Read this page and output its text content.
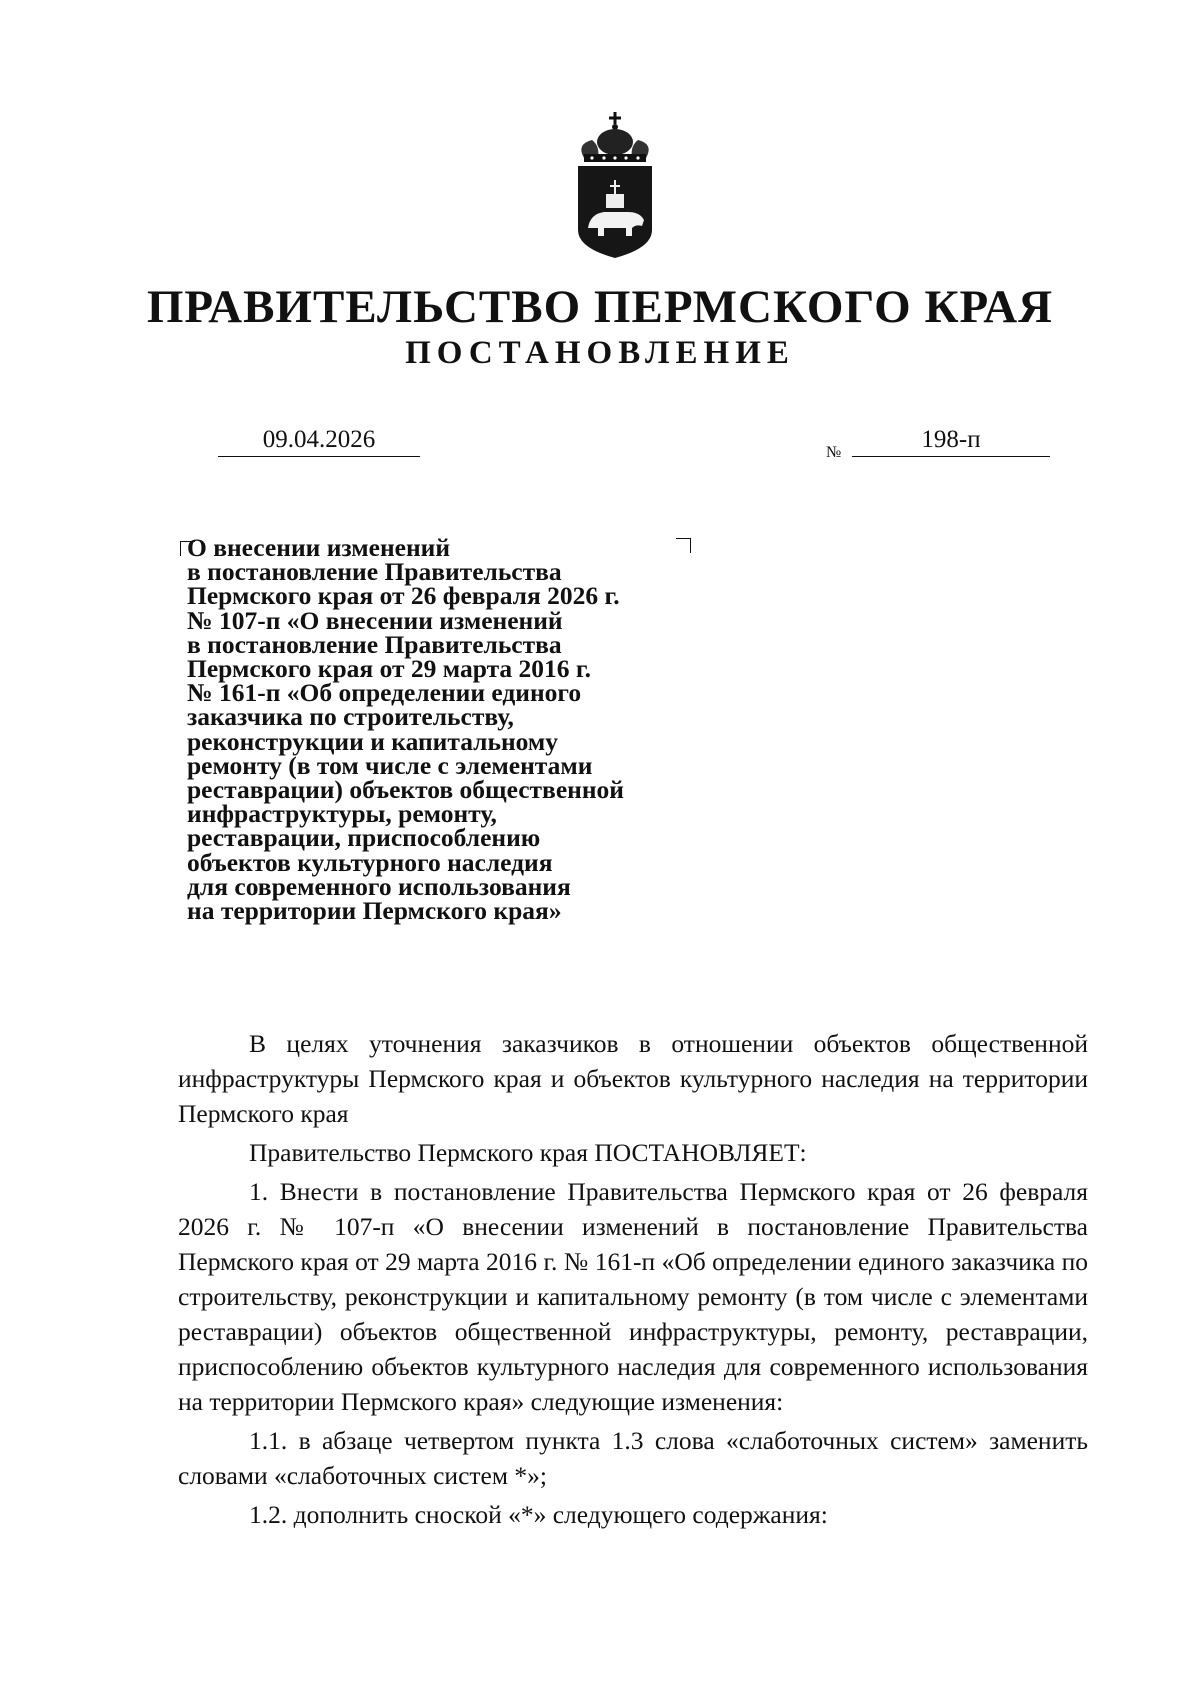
ПРАВИТЕЛЬСТВО ПЕРМСКОГО КРАЯ
ПОСТАНОВЛЕНИЕ
09.04.2026	№	198-п
О внесении изменений
в постановление Правительства
Пермского края от 26 февраля 2026 г.
№ 107-п «О внесении изменений
в постановление Правительства
Пермского края от 29 марта 2016 г.
№ 161-п «Об определении единого
заказчика по строительству,
реконструкции и капитальному
ремонту (в том числе с элементами
реставрации) объектов общественной
инфраструктуры, ремонту,
реставрации, приспособлению
объектов культурного наследия
для современного использования
на территории Пермского края»

В целях уточнения заказчиков в отношении объектов общественной инфраструктуры Пермского края и объектов культурного наследия на территории Пермского края

Правительство Пермского края ПОСТАНОВЛЯЕТ:

1. Внести в постановление Правительства Пермского края от 26 февраля 2026 г. № 107-п «О внесении изменений в постановление Правительства Пермского края от 29 марта 2016 г. № 161-п «Об определении единого заказчика по строительству, реконструкции и капитальному ремонту (в том числе с элементами реставрации) объектов общественной инфраструктуры, ремонту, реставрации, приспособлению объектов культурного наследия для современного использования на территории Пермского края» следующие изменения:

1.1. в абзаце четвертом пункта 1.3 слова «слаботочных систем» заменить словами «слаботочных систем *»;

1.2. дополнить сноской «*» следующего содержания:
